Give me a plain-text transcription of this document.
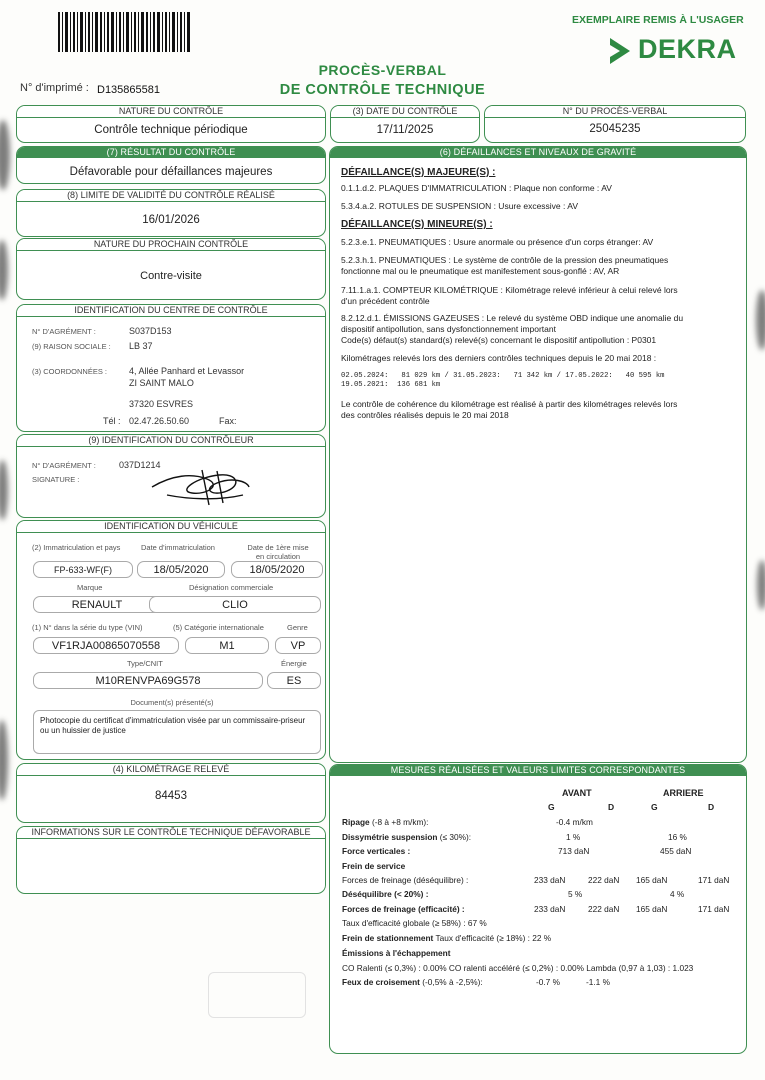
EXEMPLAIRE REMIS À L'USAGER
DEKRA
PROCÈS-VERBAL
DE CONTRÔLE TECHNIQUE
N° d'imprimé : D135865581
NATURE DU CONTRÔLE
Contrôle technique périodique
(3) DATE DU CONTRÔLE
17/11/2025
N° DU PROCÈS-VERBAL
25045235
(7) RÉSULTAT DU CONTRÔLE
Défavorable pour défaillances majeures
(8) LIMITE DE VALIDITÉ DU CONTRÔLE RÉALISÉ
16/01/2026
NATURE DU PROCHAIN CONTRÔLE
Contre-visite
IDENTIFICATION DU CENTRE DE CONTRÔLE
N° D'AGRÉMENT :	S037D153
(9) RAISON SOCIALE : LB 37
(3) COORDONNÉES : 4, Allée Panhard et Levassor
ZI SAINT MALO
37320 ESVRES
Tél : 02.47.26.50.60	Fax:
(9) IDENTIFICATION DU CONTRÔLEUR
N° D'AGRÉMENT :	037D1214
SIGNATURE :
IDENTIFICATION DU VÉHICULE
(2) Immatriculation et pays	Date d'immatriculation	Date de 1ère mise
en circulation
FP-633-WF(F)	18/05/2020	18/05/2020
Marque	Désignation commerciale
RENAULT	CLIO
(1) N° dans la série du type (VIN)	(5) Catégorie internationale	Genre
VF1RJA00865070558	M1	VP
Type/CNIT	Énergie
M10RENVPA69G578	ES
Document(s) présenté(s)
Photocopie du certificat d'immatriculation visée par un commissaire-priseur ou un huissier de justice
(4) KILOMÉTRAGE RELEVÉ
84453
INFORMATIONS SUR LE CONTRÔLE TECHNIQUE DÉFAVORABLE
(6) DÉFAILLANCES ET NIVEAUX DE GRAVITÉ
DÉFAILLANCE(S) MAJEURE(S) :
0.1.1.d.2. PLAQUES D'IMMATRICULATION : Plaque non conforme : AV
5.3.4.a.2. ROTULES DE SUSPENSION : Usure excessive : AV
DÉFAILLANCE(S) MINEURE(S) :
5.2.3.e.1. PNEUMATIQUES : Usure anormale ou présence d'un corps étranger: AV
5.2.3.h.1. PNEUMATIQUES : Le système de contrôle de la pression des pneumatiques
fonctionne mal ou le pneumatique est manifestement sous-gonflé : AV, AR
7.11.1.a.1. COMPTEUR KILOMÉTRIQUE : Kilométrage relevé inférieur à celui relevé lors
d'un précédent contrôle
8.2.12.d.1. ÉMISSIONS GAZEUSES : Le relevé du système OBD indique une anomalie du
dispositif antipollution, sans dysfonctionnement important
Code(s) défaut(s) standard(s) relevé(s) concernant le dispositif antipollution : P0301
Kilométrages relevés lors des derniers contrôles techniques depuis le 20 mai 2018 :
02.05.2024:   81 029 km / 31.05.2023:   71 342 km / 17.05.2022:   40 595 km
19.05.2021:  136 681 km
Le contrôle de cohérence du kilométrage est réalisé à partir des kilométrages relevés lors
des contrôles réalisés depuis le 20 mai 2018
MESURES RÉALISÉES ET VALEURS LIMITES CORRESPONDANTES
AVANT	ARRIERE
G	D	G	D
Ripage (-8 à +8 m/km):	-0.4 m/km
Dissymétrie suspension (≤ 30%):	1 %	16 %
Force verticales :	713 daN	455 daN
Frein de service
Forces de freinage (déséquilibre) :	233 daN	222 daN 165 daN	171 daN
Déséquilibre (< 20%) :	5 %	4 %
Forces de freinage (efficacité) :	233 daN	222 daN 165 daN	171 daN
Taux d'efficacité globale (≥ 58%) : 67 %
Frein de stationnement Taux d'efficacité (≥ 18%) : 22 %
Émissions à l'échappement
CO Ralenti (≤ 0,3%) : 0.00% CO ralenti accéléré (≤ 0,2%) : 0.00% Lambda (0,97 à 1,03) : 1.023
Feux de croisement (-0,5% à -2,5%):	-0.7 %	-1.1 %
